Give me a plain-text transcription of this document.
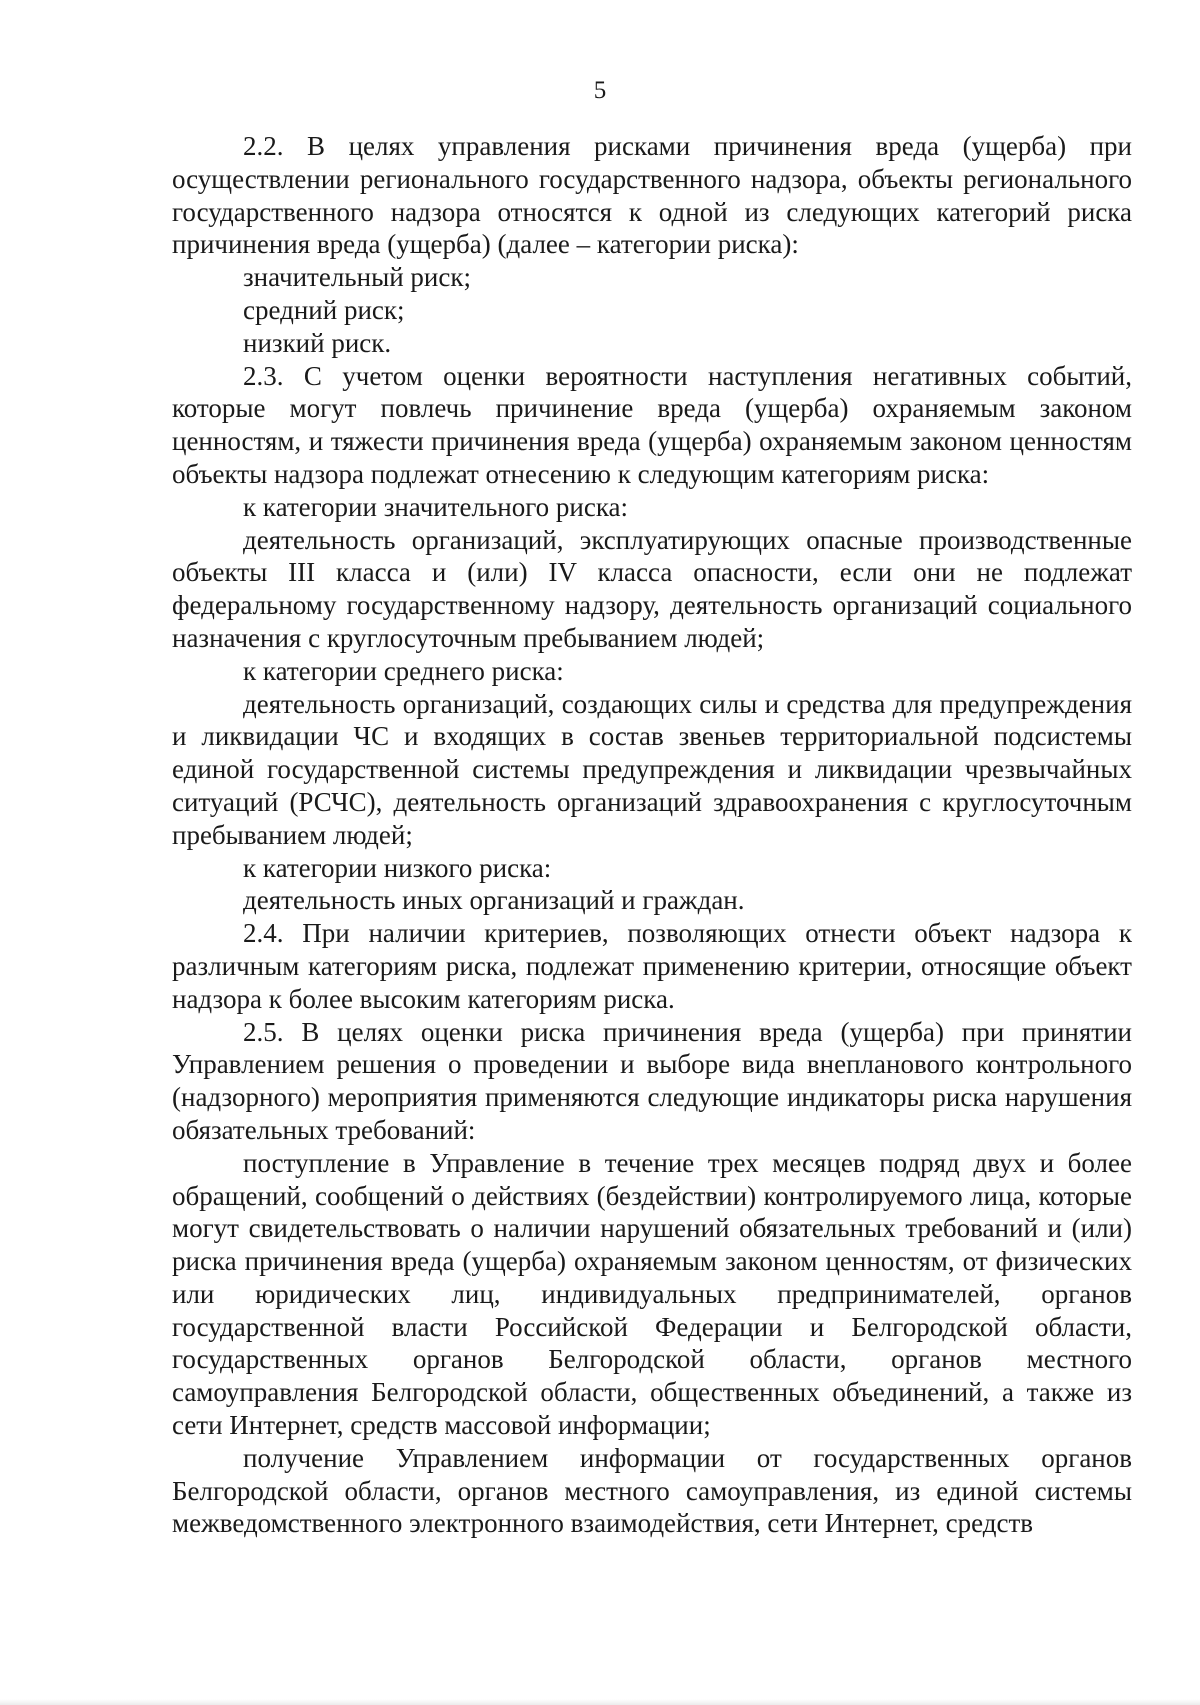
5

2.2. В целях управления рисками причинения вреда (ущерба) при осуществлении регионального государственного надзора, объекты регионального государственного надзора относятся к одной из следующих категорий риска причинения вреда (ущерба) (далее – категории риска):

значительный риск;

средний риск;

низкий риск.

2.3. С учетом оценки вероятности наступления негативных событий, которые могут повлечь причинение вреда (ущерба) охраняемым законом ценностям, и тяжести причинения вреда (ущерба) охраняемым законом ценностям объекты надзора подлежат отнесению к следующим категориям риска:

к категории значительного риска:

деятельность организаций, эксплуатирующих опасные производственные объекты III класса и (или) IV класса опасности, если они не подлежат федеральному государственному надзору, деятельность организаций социального назначения с круглосуточным пребыванием людей;

к категории среднего риска:

деятельность организаций, создающих силы и средства для предупреждения и ликвидации ЧС и входящих в состав звеньев территориальной подсистемы единой государственной системы предупреждения и ликвидации чрезвычайных ситуаций (РСЧС), деятельность организаций здравоохранения с круглосуточным пребыванием людей;

к категории низкого риска:

деятельность иных организаций и граждан.

2.4. При наличии критериев, позволяющих отнести объект надзора к различным категориям риска, подлежат применению критерии, относящие объект надзора к более высоким категориям риска.

2.5. В целях оценки риска причинения вреда (ущерба) при принятии Управлением решения о проведении и выборе вида внепланового контрольного (надзорного) мероприятия применяются следующие индикаторы риска нарушения обязательных требований:

поступление в Управление в течение трех месяцев подряд двух и более обращений, сообщений о действиях (бездействии) контролируемого лица, которые могут свидетельствовать о наличии нарушений обязательных требований и (или) риска причинения вреда (ущерба) охраняемым законом ценностям, от физических или юридических лиц, индивидуальных предпринимателей, органов государственной власти Российской Федерации и Белгородской области, государственных органов Белгородской области, органов местного самоуправления Белгородской области, общественных объединений, а также из сети Интернет, средств массовой информации;

получение Управлением информации от государственных органов Белгородской области, органов местного самоуправления, из единой системы межведомственного электронного взаимодействия, сети Интернет, средств
